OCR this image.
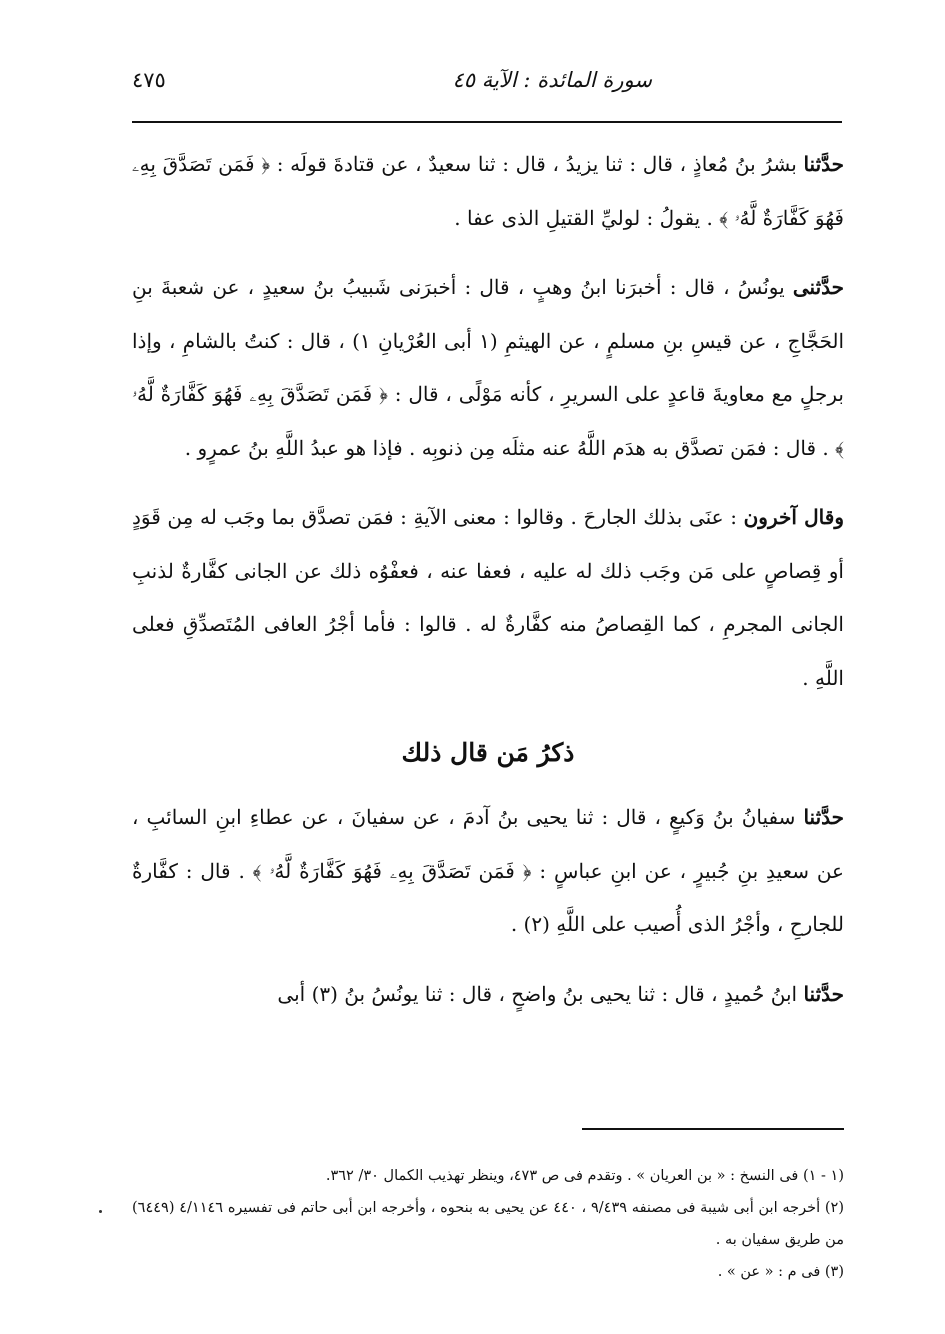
سورة المائدة : الآية ٤٥
٤٧٥

حدَّثنا بشرُ بنُ مُعاذٍ ، قال : ثنا يزيدُ ، قال : ثنا سعيدٌ ، عن قتادةَ قولَه : ﴿ فَمَن تَصَدَّقَ بِهِۦ فَهُوَ كَفَّارَةٌ لَّهُۥ ﴾ . يقولُ : لوليِّ القتيلِ الذى عفا .

حدَّثنى يونُسُ ، قال : أخبرَنا ابنُ وهبٍ ، قال : أخبرَنى شَبيبُ بنُ سعيدٍ ، عن شعبةَ بنِ الحَجَّاجِ ، عن قيسِ بنِ مسلمٍ ، عن الهيثمِ (١ أبى العُرْيانِ ١) ، قال : كنتُ بالشامِ ، وإذا برجلٍ مع معاويةَ قاعدٍ على السريرِ ، كأنه مَوْلًى ، قال : ﴿ فَمَن تَصَدَّقَ بِهِۦ فَهُوَ كَفَّارَةٌ لَّهُۥ ﴾ . قال : فمَن تصدَّق به هدَم اللَّهُ عنه مثلَه مِن ذنوبِه . فإذا هو عبدُ اللَّهِ بنُ عمرٍو .

وقال آخرون : عنَى بذلك الجارحَ . وقالوا : معنى الآيةِ : فمَن تصدَّق بما وجَب له مِن قَوَدٍ أو قِصاصٍ على مَن وجَب ذلك له عليه ، فعفا عنه ، فعفْوُه ذلك عن الجانى كفَّارةٌ لذنبِ الجانى المجرمِ ، كما القِصاصُ منه كفَّارةٌ له . قالوا : فأما أجْرُ العافى المُتَصدِّقِ فعلى اللَّهِ .

ذكرُ مَن قال ذلك

حدَّثنا سفيانُ بنُ وَكيعٍ ، قال : ثنا يحيى بنُ آدمَ ، عن سفيانَ ، عن عطاءِ ابنِ السائبِ ، عن سعيدِ بنِ جُبيرٍ ، عن ابنِ عباسٍ : ﴿ فَمَن تَصَدَّقَ بِهِۦ فَهُوَ كَفَّارَةٌ لَّهُۥ ﴾ . قال : كفَّارةٌ للجارحِ ، وأجْرُ الذى أُصيب على اللَّهِ (٢) .

حدَّثنا ابنُ حُميدٍ ، قال : ثنا يحيى بنُ واضحٍ ، قال : ثنا يونُسُ بنُ (٣) أبى

(١ - ١) فى النسخ : « بن العريان » . وتقدم فى ص ٤٧٣، وينظر تهذيب الكمال ٣٠/ ٣٦٢.

(٢) أخرجه ابن أبى شيبة فى مصنفه ٩/٤٣٩ ، ٤٤٠ عن يحيى به بنحوه ، وأخرجه ابن أبى حاتم فى تفسيره ٤/١١٤٦ (٦٤٤٩) من طريق سفيان به .

(٣) فى م : « عن » .
